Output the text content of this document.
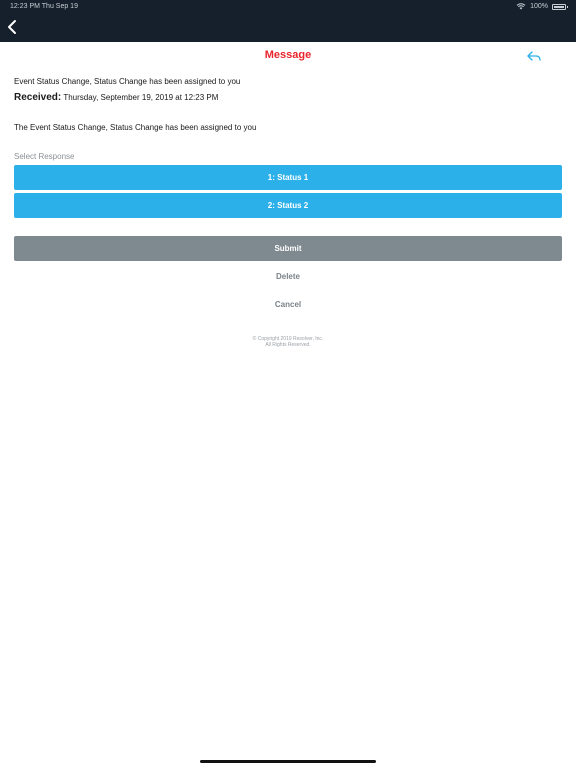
12:23 PM Thu Sep 19	100%
Message
Event Status Change, Status Change has been assigned to you
Received: Thursday, September 19, 2019 at 12:23 PM
The Event Status Change, Status Change has been assigned to you
Select Response
1: Status 1
2: Status 2
Submit
Delete
Cancel
© Copyright 2019 Resolver, Inc.
All Rights Reserved.
